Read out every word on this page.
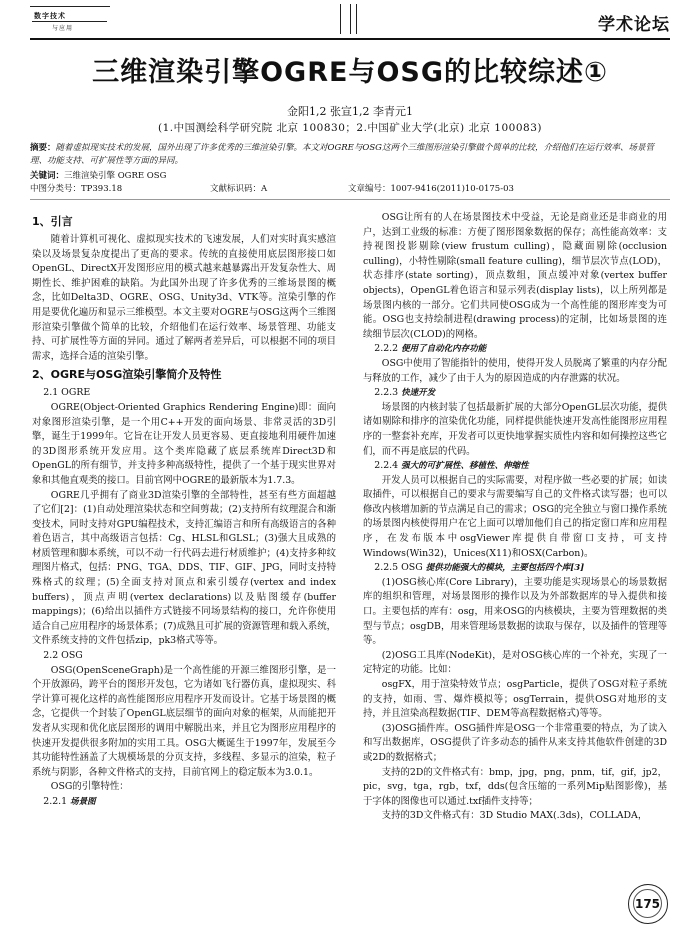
数字技术
与应用	学术论坛
三维渲染引擎OGRE与OSG的比较综述①
金阳1,2 张宣1,2 李青元1
(1.中国测绘科学研究院 北京 100830；2.中国矿业大学(北京) 北京 100083)
摘要：随着虚拟现实技术的发展，国外出现了许多优秀的三维渲染引擎。本文对OGRE与OSG这两个三维图形渲染引擎做个简单的比较，介绍他们在运行效率、场景管理、功能支持、可扩展性等方面的异同。
关键词：三维渲染引擎 OGRE OSG
中图分类号：TP393.18	文献标识码：A	文章编号：1007-9416(2011)10-0175-03
1、引言

随着计算机可视化、虚拟现实技术的飞速发展，人们对实时真实感渲染以及场景复杂度提出了更高的要求。传统的直接使用底层图形接口如OpenGL、DirectX开发图形应用的模式越来越暴露出开发复杂性大、周期性长、维护困难的缺陷。为此国外出现了许多优秀的三维场景图的概念，比如Delta3D、OGRE、OSG、Unity3d、VTK等。渲染引擎的作用是要优化遍历和显示三维模型。本文主要对OGRE与OSG这两个三维图形渲染引擎做个简单的比较，介绍他们在运行效率、场景管理、功能支持、可扩展性等方面的异同。通过了解两者差异后，可以根据不同的项目需求，选择合适的渲染引擎。

2、OGRE与OSG渲染引擎简介及特性
2.1 OGRE

OGRE(Object-Oriented Graphics Rendering Engine)即：面向对象图形渲染引擎，是一个用C++开发的面向场景、非常灵活的3D引擎，诞生于1999年。它旨在让开发人员更容易、更直接地利用硬件加速的3D图形系统开发应用。这个类库隐藏了底层系统库Direct3D和OpenGL的所有细节，并支持多种高级特性，提供了一个基于现实世界对象和其他直观类的接口。目前官网中OGRE的最新版本为1.7.3。

OGRE几乎拥有了商业3D渲染引擎的全部特性，甚至有些方面超越了它们[2]：(1)自动处理渲染状态和空间剪裁；(2)支持所有纹理混合和渐变技术，同时支持对GPU编程技术，支持汇编语言和所有高级语言的各种着色语言，其中高级语言包括：Cg、HLSL和GLSL；(3)强大且成熟的材质管理和脚本系统，可以不动一行代码去进行材质维护；(4)支持多种纹理图片格式，包括：PNG、TGA、DDS、TIF、GIF、JPG，同时支持特殊格式的纹理；(5)全面支持对顶点和索引缓存(vertex and index buffers)，顶点声明(vertex declarations)以及贴图缓存(buffer mappings)；(6)给出以插件方式链接不同场景结构的接口，允许你使用适合自己应用程序的场景体系；(7)成熟且可扩展的资源管理和载入系统，文件系统支持的文件包括zip，pk3格式等等。

2.2 OSG

OSG(OpenSceneGraph)是一个高性能的开源三维图形引擎，是一个开放源码，跨平台的图形开发包，它为诸如飞行器仿真，虚拟现实、科学计算可视化这样的高性能图形应用程序开发而设计。它基于场景图的概念，它提供一个封装了OpenGL底层细节的面向对象的框架，从而能把开发者从实现和优化底层图形的调用中解脱出来，并且它为图形应用程序的快速开发提供很多附加的实用工具。OSG大概诞生于1997年，发展至今其功能特性涵盖了大规模场景的分页支持，多线程、多显示的渲染，粒子系统与阴影，各种文件格式的支持，目前官网上的稳定版本为3.0.1。

OSG的引擎特性：

2.2.1 场景图

OSG让所有的人在场景图技术中受益，无论是商业还是非商业的用户，达到工业级的标准：方便了图形图象数据的保存；高性能高效率：支持视图投影剔除(view frustum culling)，隐藏面剔除(occlusion culling)，小特性剔除(small feature culling)，细节层次节点(LOD)，状态排序(state sorting)，顶点数组，顶点缓冲对象(vertex buffer objects)，OpenGL着色语言和显示列表(display lists)，以上所列都是场景图内核的一部分。它们共同使OSG成为一个高性能的图形库变为可能。OSG也支持绘制进程(drawing process)的定制，比如场景图的连续细节层次(CLOD)的网格。

2.2.2 便用了自动化内存功能

OSG中使用了智能指针的使用，使得开发人员脱离了繁重的内存分配与释放的工作，减少了由于人为的原因造成的内存泄露的状况。

2.2.3 快速开发

场景图的内核封装了包括最新扩展的大部分OpenGL层次功能，提供诸如剔除和排序的渲染优化功能，同样提供能快速开发高性能图形应用程序的一整套补充库，开发者可以更快地掌握实质性内容和如何操控这些它们，而不再是底层的代码。

2.2.4 强大的可扩展性、移植性、伸缩性

开发人员可以根据自己的实际需要，对程序做一些必要的扩展；如读取插件，可以根据自己的要求与需要编写自己的文件格式读写器；也可以修改内核增加新的节点满足自己的需求；OSG的完全独立与窗口操作系统的场景图内核使得用户在它上面可以增加他们自己的指定窗口库和应用程序，在发布版本中osgViewer库提供自带窗口支持，可支持Windows(Win32)，Unices(X11)和OSX(Carbon)。

2.2.5 OSG 提供功能强大的模块，主要包括四个库[3]

(1)OSG核心库(Core Library)，主要功能是实现场景心的场景数据库的组织和管理，对场景图形的操作以及为外部数据库的导入提供和接口。主要包括的库有：osg，用来OSG的内核模块，主要为管理数据的类型与节点；osgDB，用来管理场景数据的读取与保存，以及插件的管理等等。

(2)OSG工具库(NodeKit)，是对OSG核心库的一个补充，实现了一定特定的功能。比如：

osgFX，用于渲染特效节点；osgParticle，提供了OSG对粒子系统的支持，如雨、雪、爆炸模拟等；osgTerrain，提供OSG对地形的支持，并且渲染高程数据(TIF、DEM等高程数据格式)等等。

(3)OSG插件库。OSG插件库是OSG一个非常重要的特点，为了读入和写出数据库，OSG提供了许多动态的插件从来支持其他软件创建的3D或2D的数据格式；

支持的2D的文件格式有：bmp，jpg，png，pnm，tif，gif，jp2，pic，svg，tga，rgb，txf，dds(包含压缩的一系列Mip贴图影像)，基于字体的图像也可以通过.txf插件支持等；

支持的3D文件格式有：3D Studio MAX(.3ds)，COLLADA，

175
